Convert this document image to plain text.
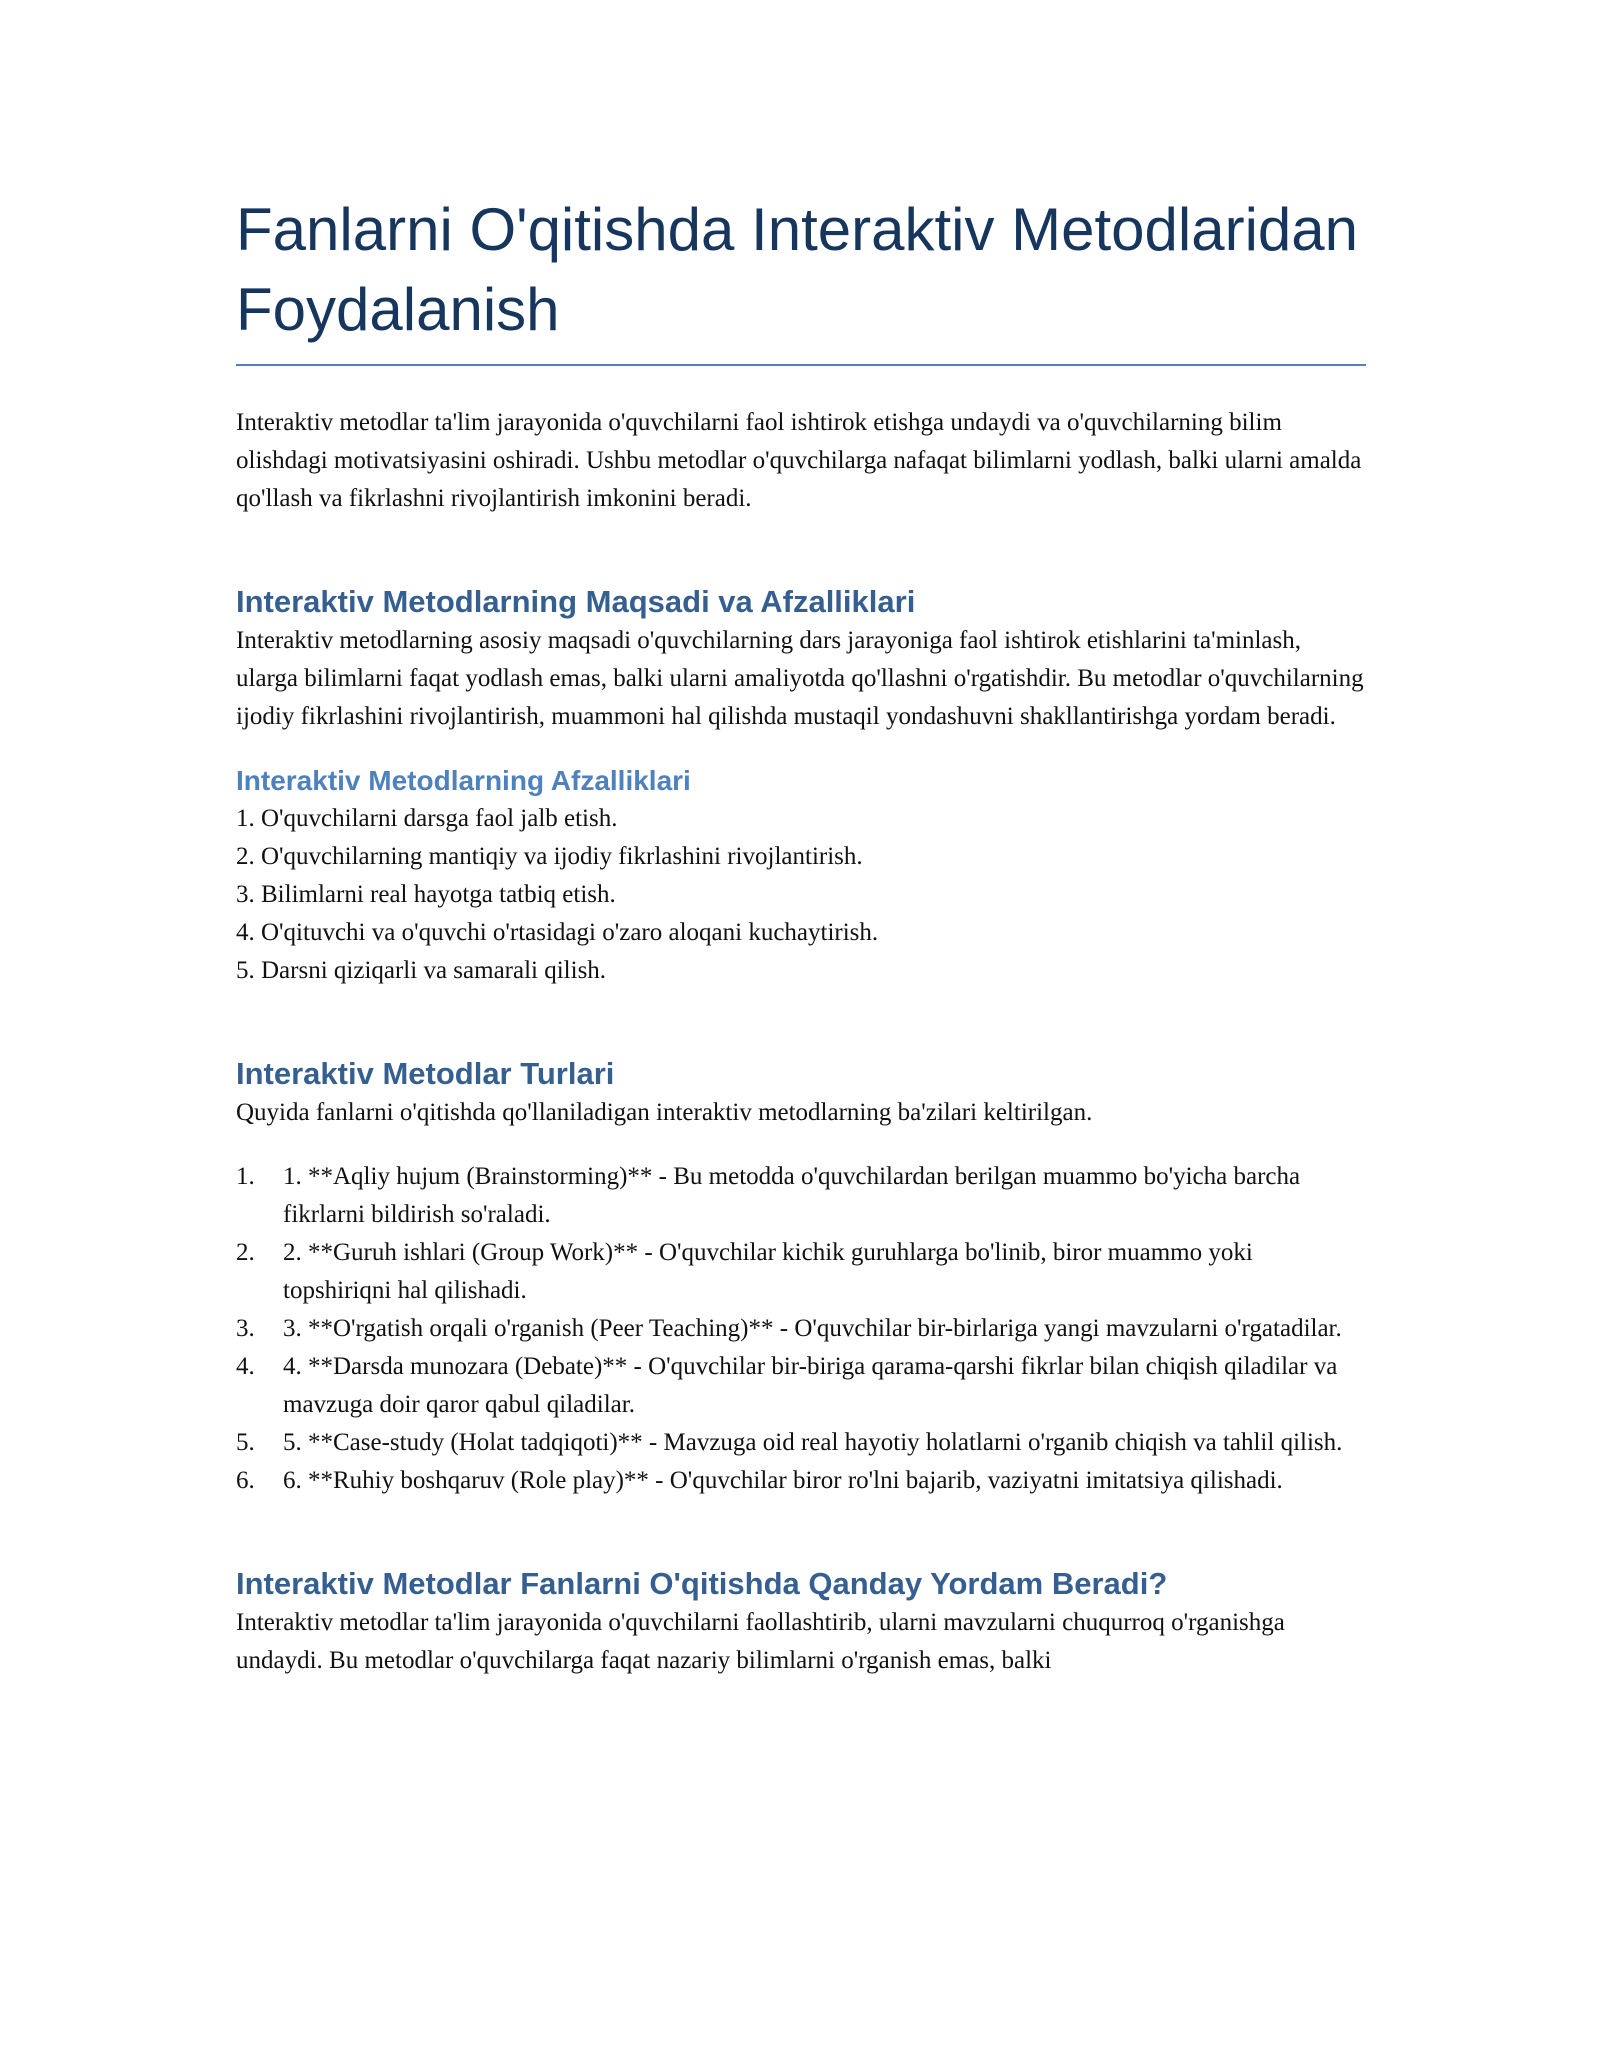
Fanlarni O'qitishda Interaktiv Metodlaridan Foydalanish

Interaktiv metodlar ta'lim jarayonida o'quvchilarni faol ishtirok etishga undaydi va o'quvchilarning bilim olishdagi motivatsiyasini oshiradi. Ushbu metodlar o'quvchilarga nafaqat bilimlarni yodlash, balki ularni amalda qo'llash va fikrlashni rivojlantirish imkonini beradi.

Interaktiv Metodlarning Maqsadi va Afzalliklari

Interaktiv metodlarning asosiy maqsadi o'quvchilarning dars jarayoniga faol ishtirok etishlarini ta'minlash, ularga bilimlarni faqat yodlash emas, balki ularni amaliyotda qo'llashni o'rgatishdir. Bu metodlar o'quvchilarning ijodiy fikrlashini rivojlantirish, muammoni hal qilishda mustaqil yondashuvni shakllantirishga yordam beradi.

Interaktiv Metodlarning Afzalliklari
1. O'quvchilarni darsga faol jalb etish.
2. O'quvchilarning mantiqiy va ijodiy fikrlashini rivojlantirish.
3. Bilimlarni real hayotga tatbiq etish.
4. O'qituvchi va o'quvchi o'rtasidagi o'zaro aloqani kuchaytirish.
5. Darsni qiziqarli va samarali qilish.
Interaktiv Metodlar Turlari

Quyida fanlarni o'qitishda qo'llaniladigan interaktiv metodlarning ba'zilari keltirilgan.

1.	1. **Aqliy hujum (Brainstorming)** - Bu metodda o'quvchilardan berilgan muammo bo'yicha barcha fikrlarni bildirish so'raladi.
2.	2. **Guruh ishlari (Group Work)** - O'quvchilar kichik guruhlarga bo'linib, biror muammo yoki topshiriqni hal qilishadi.
3.	3. **O'rgatish orqali o'rganish (Peer Teaching)** - O'quvchilar bir-birlariga yangi mavzularni o'rgatadilar.
4.	4. **Darsda munozara (Debate)** - O'quvchilar bir-biriga qarama-qarshi fikrlar bilan chiqish qiladilar va mavzuga doir qaror qabul qiladilar.
5.	5. **Case-study (Holat tadqiqoti)** - Mavzuga oid real hayotiy holatlarni o'rganib chiqish va tahlil qilish.
6.	6. **Ruhiy boshqaruv (Role play)** - O'quvchilar biror ro'lni bajarib, vaziyatni imitatsiya qilishadi.
Interaktiv Metodlar Fanlarni O'qitishda Qanday Yordam Beradi?

Interaktiv metodlar ta'lim jarayonida o'quvchilarni faollashtirib, ularni mavzularni chuqurroq o'rganishga undaydi. Bu metodlar o'quvchilarga faqat nazariy bilimlarni o'rganish emas, balki
